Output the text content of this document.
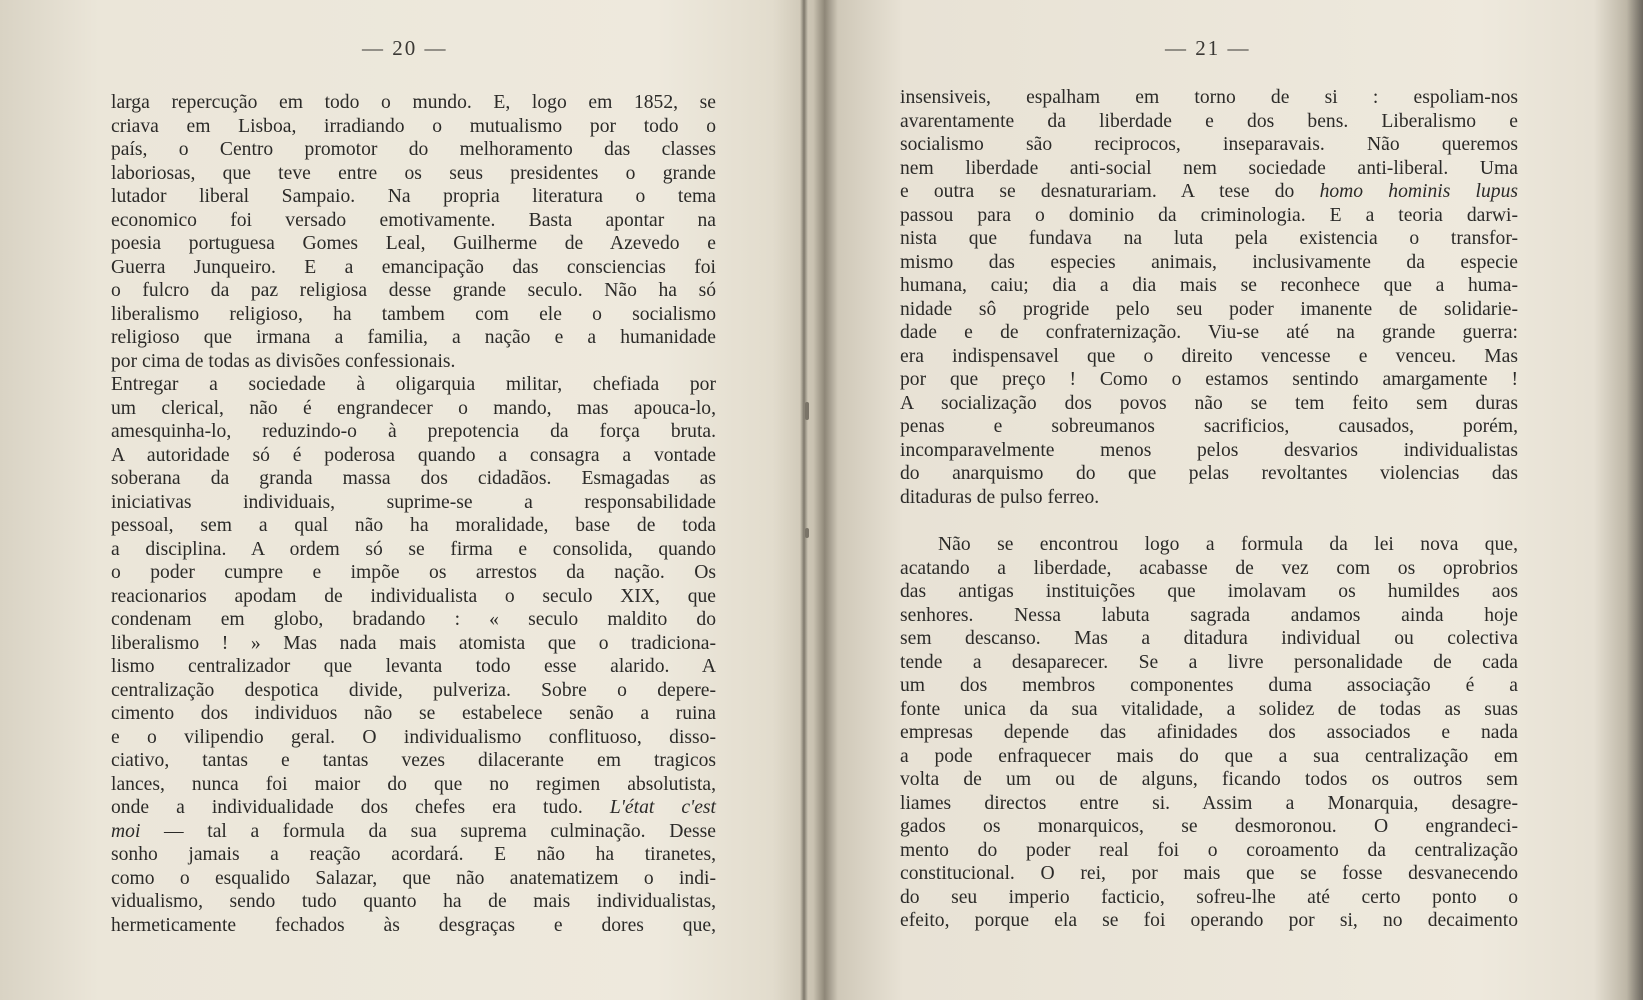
— 20 —
larga repercução em todo o mundo. E, logo em 1852, se
criava em Lisboa, irradiando o mutualismo por todo o
país, o Centro promotor do melhoramento das classes
laboriosas, que teve entre os seus presidentes o grande
lutador liberal Sampaio. Na propria literatura o tema
economico foi versado emotivamente. Basta apontar na
poesia portuguesa Gomes Leal, Guilherme de Azevedo e
Guerra Junqueiro. E a emancipação das consciencias foi
o fulcro da paz religiosa desse grande seculo. Não ha só
liberalismo religioso, ha tambem com ele o socialismo
religioso que irmana a familia, a nação e a humanidade
por cima de todas as divisões confessionais.
Entregar a sociedade à oligarquia militar, chefiada por
um clerical, não é engrandecer o mando, mas apouca-lo,
amesquinha-lo, reduzindo-o à prepotencia da força bruta.
A autoridade só é poderosa quando a consagra a vontade
soberana da granda massa dos cidadãos. Esmagadas as
iniciativas individuais, suprime-se a responsabilidade
pessoal, sem a qual não ha moralidade, base de toda
a disciplina. A ordem só se firma e consolida, quando
o poder cumpre e impõe os arrestos da nação. Os
reacionarios apodam de individualista o seculo XIX, que
condenam em globo, bradando : « seculo maldito do
liberalismo ! » Mas nada mais atomista que o tradiciona-
lismo centralizador que levanta todo esse alarido. A
centralização despotica divide, pulveriza. Sobre o depere-
cimento dos individuos não se estabelece senão a ruina
e o vilipendio geral. O individualismo conflituoso, disso-
ciativo, tantas e tantas vezes dilacerante em tragicos
lances, nunca foi maior do que no regimen absolutista,
onde a individualidade dos chefes era tudo. L'état c'est
moi — tal a formula da sua suprema culminação. Desse
sonho jamais a reação acordará. E não ha tiranetes,
como o esqualido Salazar, que não anatematizem o indi-
vidualismo, sendo tudo quanto ha de mais individualistas,
hermeticamente fechados às desgraças e dores que,
— 21 —
insensiveis, espalham em torno de si : espoliam-nos
avarentamente da liberdade e dos bens. Liberalismo e
socialismo são reciprocos, inseparavais. Não queremos
nem liberdade anti-social nem sociedade anti-liberal. Uma
e outra se desnaturariam. A tese do homo hominis lupus
passou para o dominio da criminologia. E a teoria darwi-
nista que fundava na luta pela existencia o transfor-
mismo das especies animais, inclusivamente da especie
humana, caiu; dia a dia mais se reconhece que a huma-
nidade sô progride pelo seu poder imanente de solidarie-
dade e de confraternização. Viu-se até na grande guerra:
era indispensavel que o direito vencesse e venceu. Mas
por que preço ! Como o estamos sentindo amargamente !
A socialização dos povos não se tem feito sem duras
penas e sobreumanos sacrificios, causados, porém,
incomparavelmente menos pelos desvarios individualistas
do anarquismo do que pelas revoltantes violencias das
ditaduras de pulso ferreo.
Não se encontrou logo a formula da lei nova que,
acatando a liberdade, acabasse de vez com os oprobrios
das antigas instituições que imolavam os humildes aos
senhores. Nessa labuta sagrada andamos ainda hoje
sem descanso. Mas a ditadura individual ou colectiva
tende a desaparecer. Se a livre personalidade de cada
um dos membros componentes duma associação é a
fonte unica da sua vitalidade, a solidez de todas as suas
empresas depende das afinidades dos associados e nada
a pode enfraquecer mais do que a sua centralização em
volta de um ou de alguns, ficando todos os outros sem
liames directos entre si. Assim a Monarquia, desagre-
gados os monarquicos, se desmoronou. O engrandeci-
mento do poder real foi o coroamento da centralização
constitucional. O rei, por mais que se fosse desvanecendo
do seu imperio facticio, sofreu-lhe até certo ponto o
efeito, porque ela se foi operando por si, no decaimento
